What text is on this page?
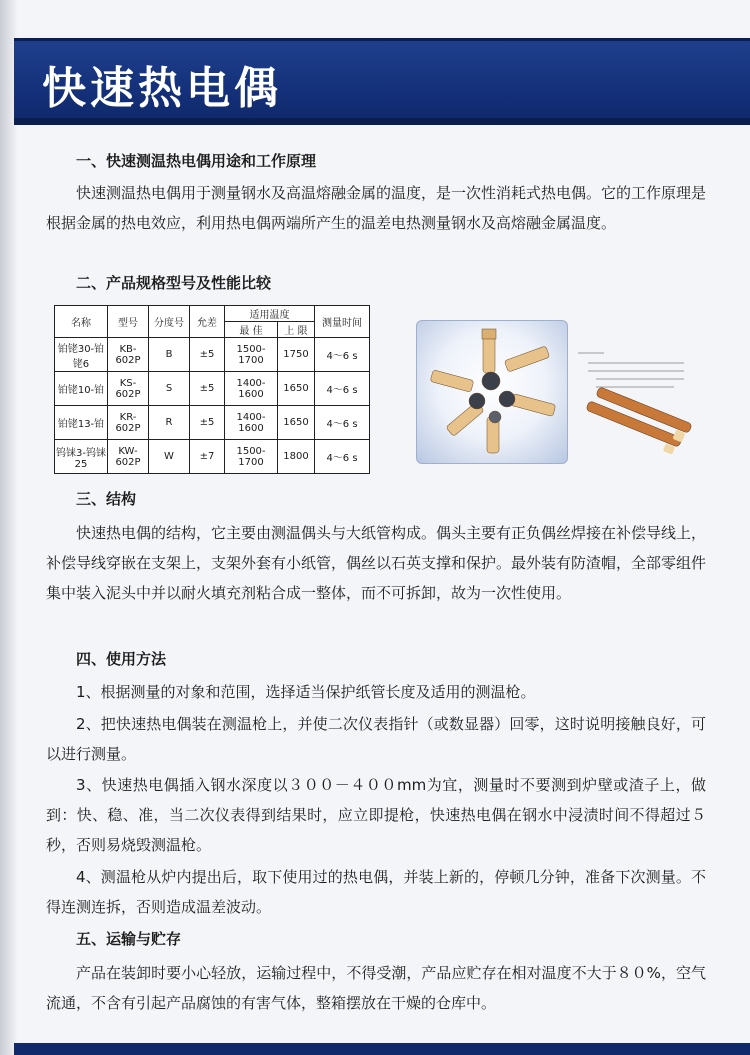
快速热电偶
一、快速测温热电偶用途和工作原理
快速测温热电偶用于测量钢水及高温熔融金属的温度，是一次性消耗式热电偶。它的工作原理是根据金属的热电效应，利用热电偶两端所产生的温差电热测量钢水及高熔融金属温度。
二、产品规格型号及性能比较
名称	型号	分度号	允差	适用温度		测量时间
				最 佳	上 限	
铂铑30-铂铑6	KB-602P	B	±5	1500-1700	1750	4～6 s
铂铑10-铂	KS-602P	S	±5	1400-1600	1650	4～6 s
铂铑13-铂	KR-602P	R	±5	1400-1600	1650	4～6 s
钨铼3-钨铼25	KW-602P	W	±7	1500-1700	1800	4～6 s
三、结构
快速热电偶的结构，它主要由测温偶头与大纸管构成。偶头主要有正负偶丝焊接在补偿导线上，补偿导线穿嵌在支架上，支架外套有小纸管，偶丝以石英支撑和保护。最外装有防渣帽，全部零组件集中装入泥头中并以耐火填充剂粘合成一整体，而不可拆卸，故为一次性使用。
四、使用方法
1、根据测量的对象和范围，选择适当保护纸管长度及适用的测温枪。
2、把快速热电偶装在测温枪上，并使二次仪表指针（或数显器）回零，这时说明接触良好，可以进行测量。
3、快速热电偶插入钢水深度以３００－４００mm为宜，测量时不要测到炉壁或渣子上，做到：快、稳、准，当二次仪表得到结果时，应立即提枪，快速热电偶在钢水中浸渍时间不得超过５秒，否则易烧毁测温枪。
4、测温枪从炉内提出后，取下使用过的热电偶，并装上新的，停顿几分钟，准备下次测量。不得连测连拆，否则造成温差波动。
五、运输与贮存
产品在装卸时要小心轻放，运输过程中，不得受潮，产品应贮存在相对温度不大于８０%，空气流通，不含有引起产品腐蚀的有害气体，整箱摆放在干燥的仓库中。
